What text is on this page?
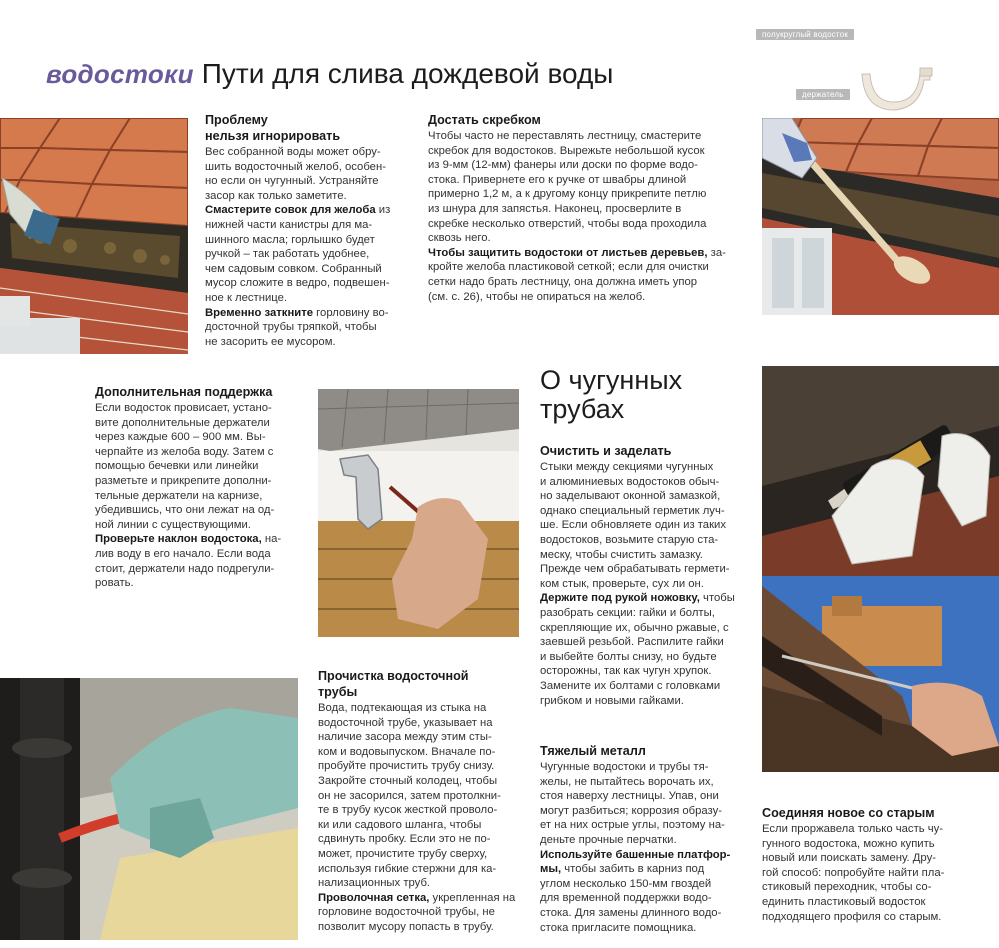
водостоки Пути для слива дождевой воды
полукруглый водосток
держатель
Проблему
нельзя игнорировать

Вес собранной воды может обру-

шить водосточный желоб, особен-

но если он чугунный. Устраняйте

засор как только заметите.

Смастерите совок для желоба из

нижней части канистры для ма-

шинного масла; горлышко будет

ручкой – так работать удобнее,

чем садовым совком. Собранный

мусор сложите в ведро, подвешен-

ное к лестнице.

Временно заткните горловину во-

досточной трубы тряпкой, чтобы

не засорить ее мусором.

Достать скребком

Чтобы часто не переставлять лестницу, смастерите

скребок для водостоков. Вырежьте небольшой кусок

из 9-мм (12-мм) фанеры или доски по форме водо-

стока. Привернете его к ручке от швабры длиной

примерно 1,2 м, а к другому концу прикрепите петлю

из шнура для запястья. Наконец, просверлите в

скребке несколько отверстий, чтобы вода проходила

сквозь него.

Чтобы защитить водостоки от листьев деревьев, за-

кройте желоба пластиковой сеткой; если для очистки

сетки надо брать лестницу, она должна иметь упор

(см. с. 26), чтобы не опираться на желоб.

Дополнительная поддержка

Если водосток провисает, устано-

вите дополнительные держатели

через каждые 600 – 900 мм. Вы-

черпайте из желоба воду. Затем с

помощью бечевки или линейки

разметьте и прикрепите дополни-

тельные держатели на карнизе,

убедившись, что они лежат на од-

ной линии с существующими.

Проверьте наклон водостока, на-

лив воду в его начало. Если вода

стоит, держатели надо подрегули-

ровать.

О чугунных
трубах
Очистить и заделать

Стыки между секциями чугунных

и алюминиевых водостоков обыч-

но заделывают оконной замазкой,

однако специальный герметик луч-

ше. Если обновляете один из таких

водостоков, возьмите старую ста-

меску, чтобы счистить замазку.

Прежде чем обрабатывать гермети-

ком стык, проверьте, сух ли он.

Держите под рукой ножовку, чтобы

разобрать секции: гайки и болты,

скрепляющие их, обычно ржавые, с

заевшей резьбой. Распилите гайки

и выбейте болты снизу, но будьте

осторожны, так как чугун хрупок.

Замените их болтами с головками

грибком и новыми гайками.

Прочистка водосточной
трубы

Вода, подтекающая из стыка на

водосточной трубе, указывает на

наличие засора между этим сты-

ком и водовыпуском. Вначале по-

пробуйте прочистить трубу снизу.

Закройте сточный колодец, чтобы

он не засорился, затем протолкни-

те в трубу кусок жесткой проволо-

ки или садового шланга, чтобы

сдвинуть пробку. Если это не по-

может, прочистите трубу сверху,

используя гибкие стержни для ка-

нализационных труб.

Проволочная сетка, укрепленная на

горловине водосточной трубы, не

позволит мусору попасть в трубу.

Тяжелый металл

Чугунные водостоки и трубы тя-

желы, не пытайтесь ворочать их,

стоя наверху лестницы. Упав, они

могут разбиться; коррозия образу-

ет на них острые углы, поэтому на-

деньте прочные перчатки.

Используйте башенные платфор-

мы, чтобы забить в карниз под

углом несколько 150-мм гвоздей

для временной поддержки водо-

стока. Для замены длинного водо-

стока пригласите помощника.

Соединяя новое со старым

Если проржавела только часть чу-

гунного водостока, можно купить

новый или поискать замену. Дру-

гой способ: попробуйте найти пла-

стиковый переходник, чтобы со-

единить пластиковый водосток

подходящего профиля со старым.
